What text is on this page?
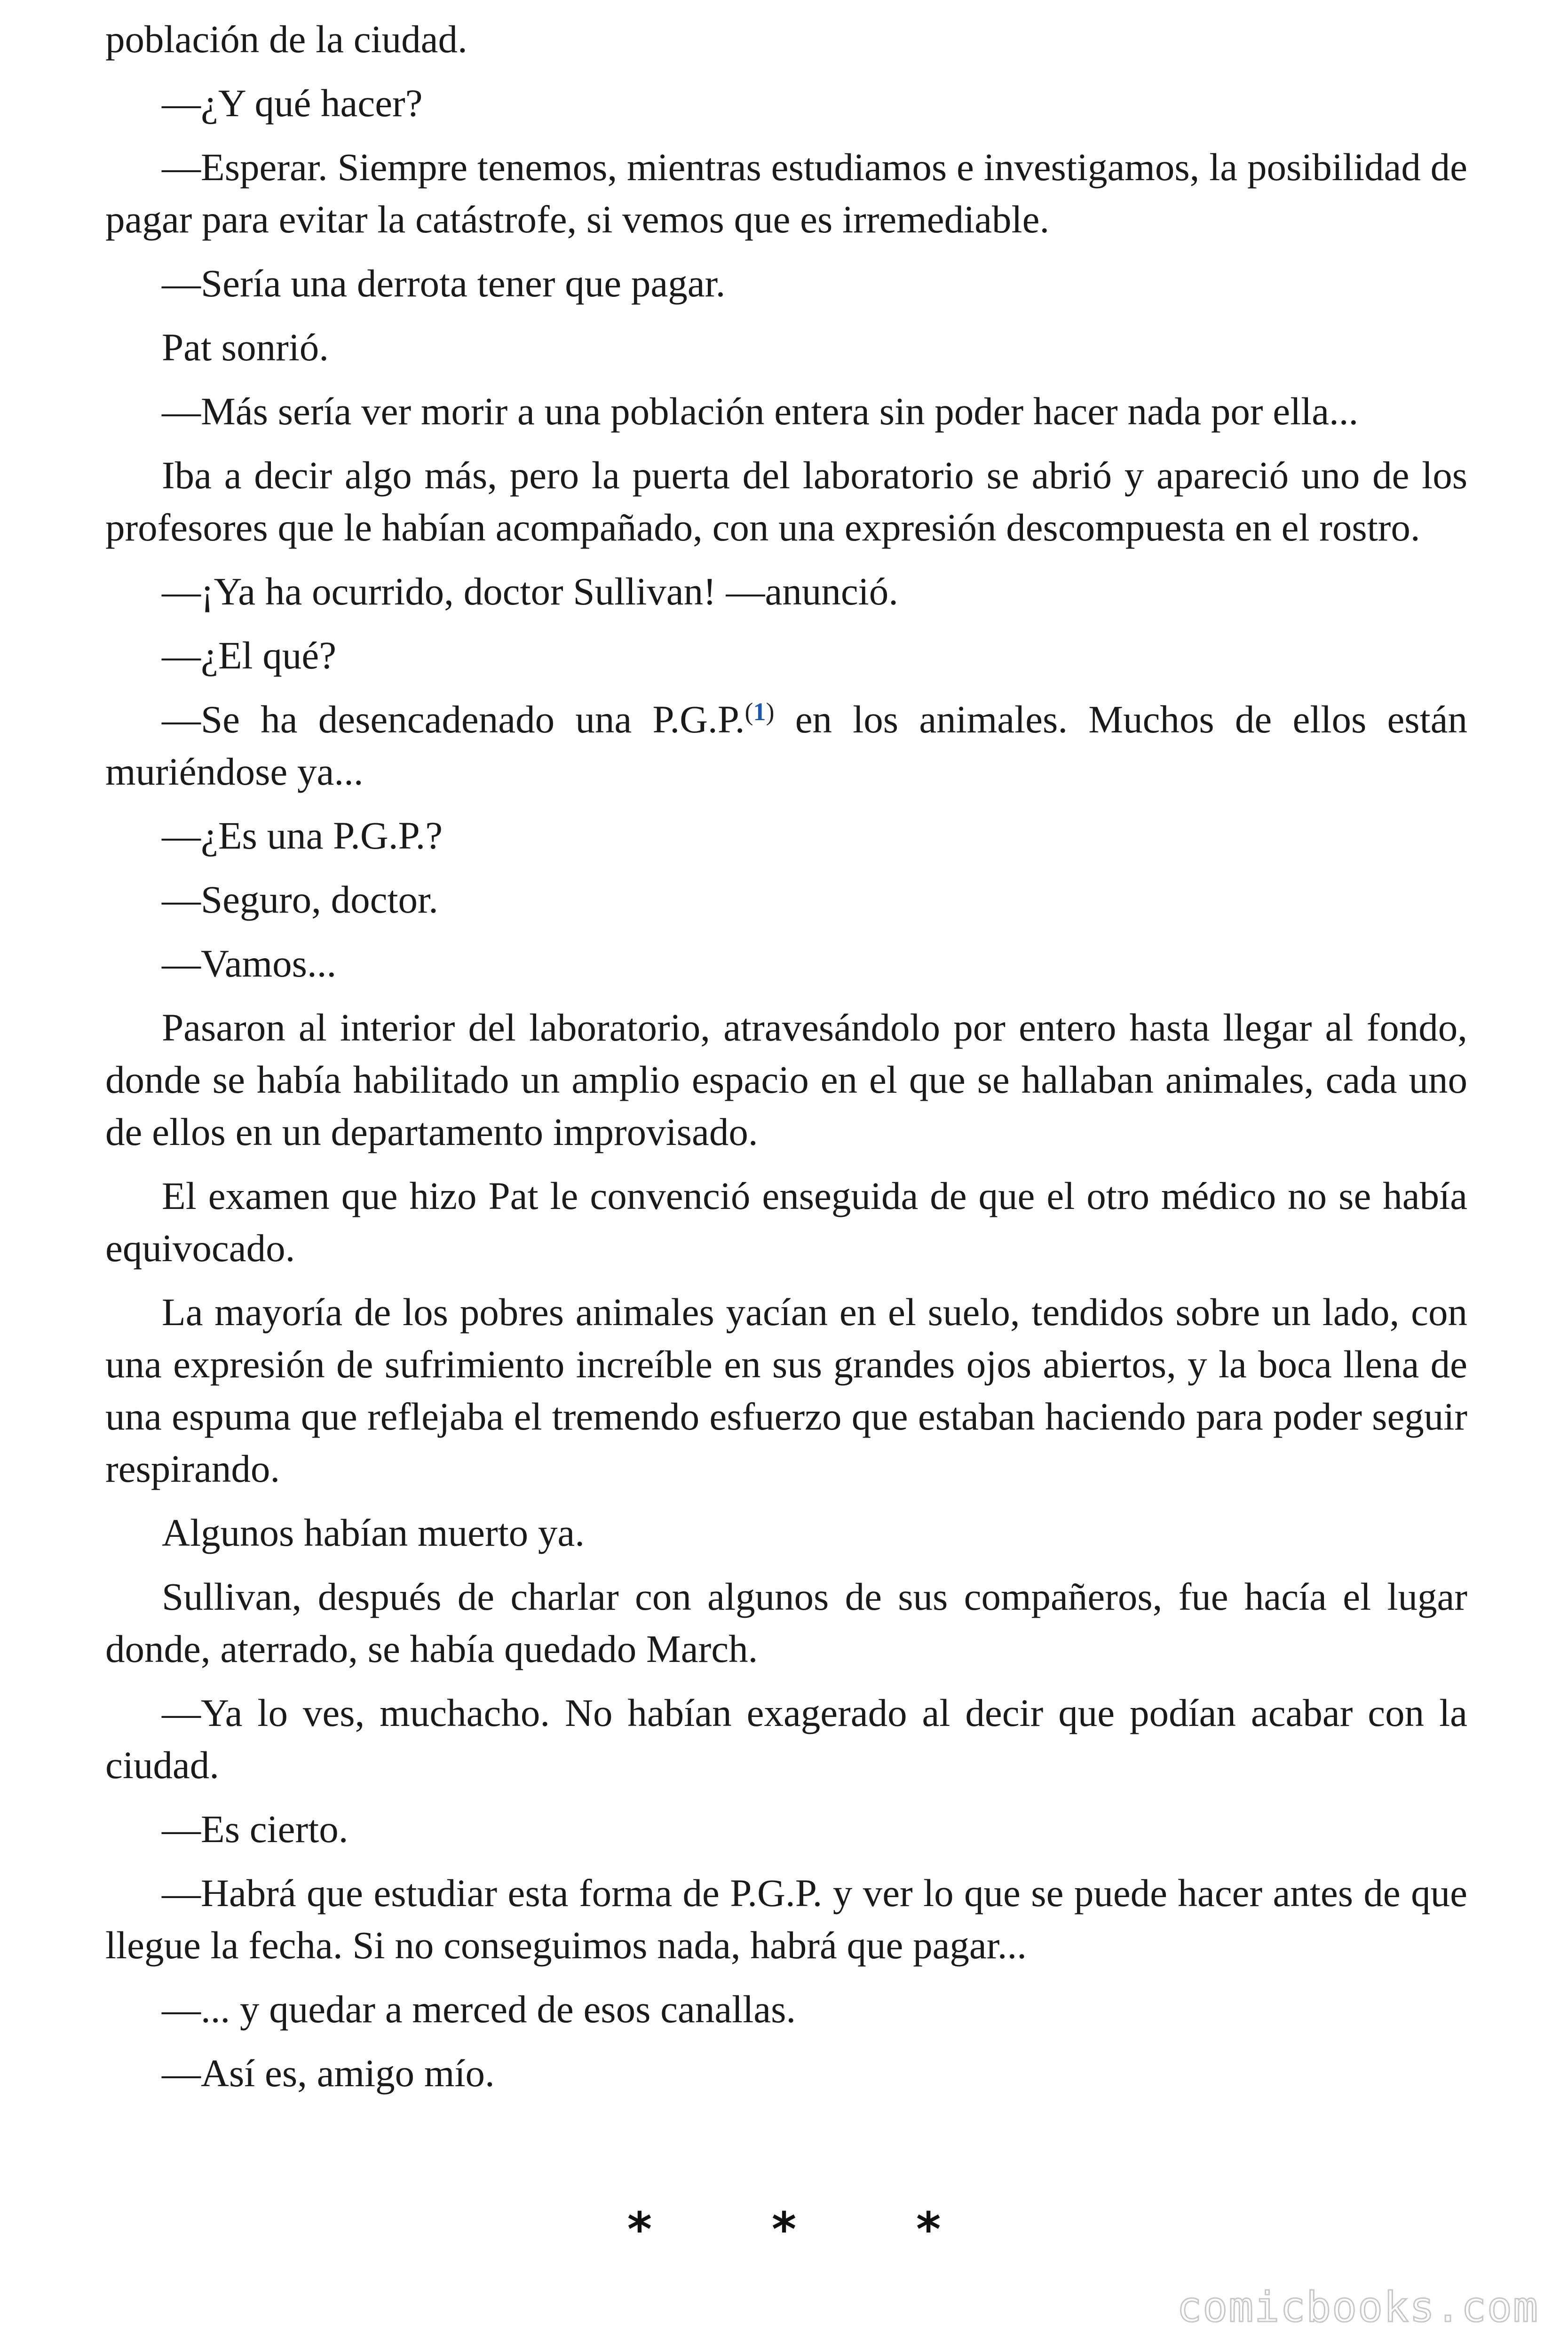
población de la ciudad.

—¿Y qué hacer?

—Esperar. Siempre tenemos, mientras estudiamos e investigamos, la posibilidad de pagar para evitar la catástrofe, si vemos que es irremediable.

—Sería una derrota tener que pagar.

Pat sonrió.

—Más sería ver morir a una población entera sin poder hacer nada por ella...

Iba a decir algo más, pero la puerta del laboratorio se abrió y apareció uno de los profesores que le habían acompañado, con una expresión descompuesta en el rostro.

—¡Ya ha ocurrido, doctor Sullivan! —anunció.

—¿El qué?

—Se ha desencadenado una P.G.P.$^{(1)}$ en los animales. Muchos de ellos están muriéndose ya...

—¿Es una P.G.P.?

—Seguro, doctor.

—Vamos...

Pasaron al interior del laboratorio, atravesándolo por entero hasta llegar al fondo, donde se había habilitado un amplio espacio en el que se hallaban animales, cada uno de ellos en un departamento improvisado.

El examen que hizo Pat le convenció enseguida de que el otro médico no se había equivocado.

La mayoría de los pobres animales yacían en el suelo, tendidos sobre un lado, con una expresión de sufrimiento increíble en sus grandes ojos abiertos, y la boca llena de una espuma que reflejaba el tremendo esfuerzo que estaban haciendo para poder seguir respirando.

Algunos habían muerto ya.

Sullivan, después de charlar con algunos de sus compañeros, fue hacía el lugar donde, aterrado, se había quedado March.

—Ya lo ves, muchacho. No habían exagerado al decir que podían acabar con la ciudad.

—Es cierto.

—Habrá que estudiar esta forma de P.G.P. y ver lo que se puede hacer antes de que llegue la fecha. Si no conseguimos nada, habrá que pagar...

—... y quedar a merced de esos canallas.

—Así es, amigo mío.

* * *
comicbooks.com
